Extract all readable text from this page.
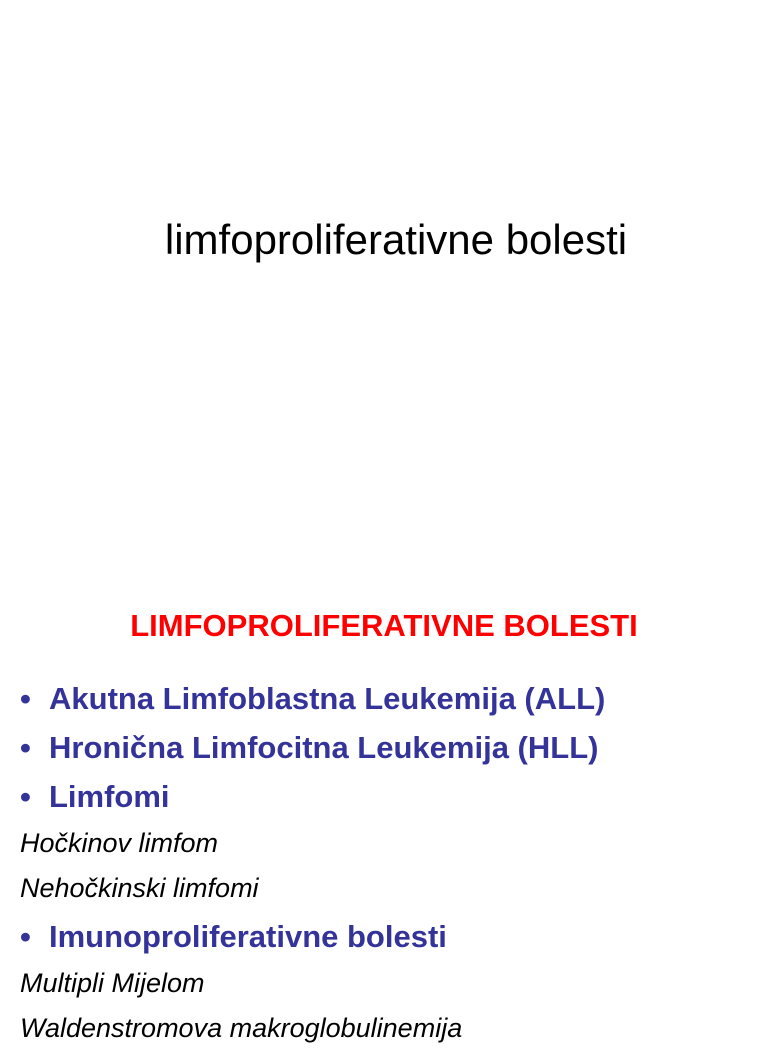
limfoproliferativne bolesti
LIMFOPROLIFERATIVNE BOLESTI
• Akutna Limfoblastna Leukemija (ALL)
• Hronična Limfocitna Leukemija (HLL)
• Limfomi
Hočkinov limfom
Nehočkinski limfomi
• Imunoproliferativne bolesti
Multipli Mijelom
Waldenstromova makroglobulinemija
